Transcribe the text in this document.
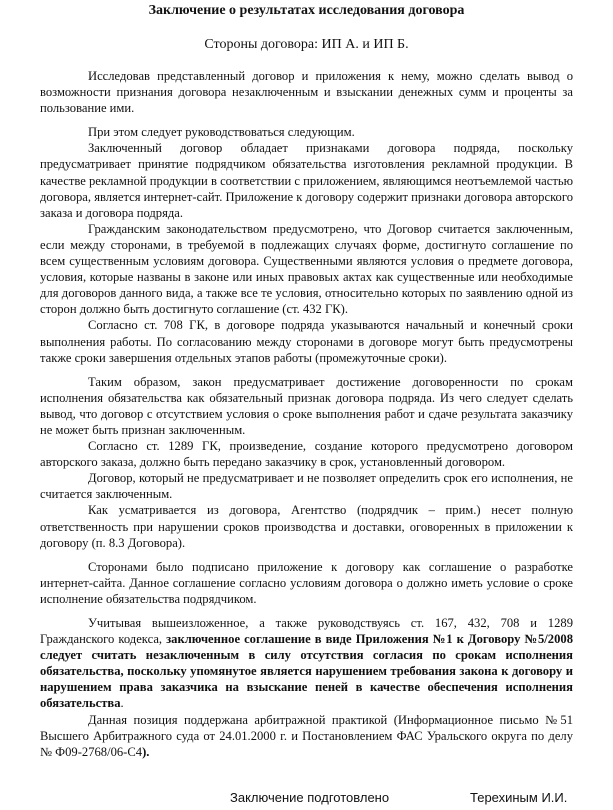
Заключение о результатах исследования договора
Стороны договора: ИП А. и ИП Б.

Исследовав представленный договор и приложения к нему, можно сделать вывод о возможности признания договора незаключенным и взыскании денежных сумм и проценты за пользование ими.

При этом следует руководствоваться следующим.

Заключенный договор обладает признаками договора подряда, поскольку предусматривает принятие подрядчиком обязательства изготовления рекламной продукции. В качестве рекламной продукции в соответствии с приложением, являющимся неотъемлемой частью договора, является интернет-сайт. Приложение к договору содержит признаки договора авторского заказа и договора подряда.

Гражданским законодательством предусмотрено, что Договор считается заключенным, если между сторонами, в требуемой в подлежащих случаях форме, достигнуто соглашение по всем существенным условиям договора. Существенными являются условия о предмете договора, условия, которые названы в законе или иных правовых актах как существенные или необходимые для договоров данного вида, а также все те условия, относительно которых по заявлению одной из сторон должно быть достигнуто соглашение (ст. 432 ГК).

Согласно ст. 708 ГК, в договоре подряда указываются начальный и конечный сроки выполнения работы. По согласованию между сторонами в договоре могут быть предусмотрены также сроки завершения отдельных этапов работы (промежуточные сроки).

Таким образом, закон предусматривает достижение договоренности по срокам исполнения обязательства как обязательный признак договора подряда. Из чего следует сделать вывод, что договор с отсутствием условия о сроке выполнения работ и сдаче результата заказчику не может быть признан заключенным.

Согласно ст. 1289 ГК, произведение, создание которого предусмотрено договором авторского заказа, должно быть передано заказчику в срок, установленный договором.

Договор, который не предусматривает и не позволяет определить срок его исполнения, не считается заключенным.

Как усматривается из договора, Агентство (подрядчик – прим.) несет полную ответственность при нарушении сроков производства и доставки, оговоренных в приложении к договору (п. 8.3 Договора).

Сторонами было подписано приложение к договору как соглашение о разработке интернет-сайта. Данное соглашение согласно условиям договора о должно иметь условие о сроке исполнение обязательства подрядчиком.

Учитывая вышеизложенное, а также руководствуясь ст. 167, 432, 708 и 1289 Гражданского кодекса, заключенное соглашение в виде Приложения №1 к Договору №5/2008 следует считать незаключенным в силу отсутствия согласия по срокам исполнения обязательства, поскольку упомянутое является нарушением требования закона к договору и нарушением права заказчика на взыскание пеней в качестве обеспечения исполнения обязательства.

Данная позиция поддержана арбитражной практикой (Информационное письмо №51 Высшего Арбитражного суда от 24.01.2000 г. и Постановлением ФАС Уральского округа по делу № Ф09-2768/06-С4).

Заключение подготовлено	Терехиным И.И.
